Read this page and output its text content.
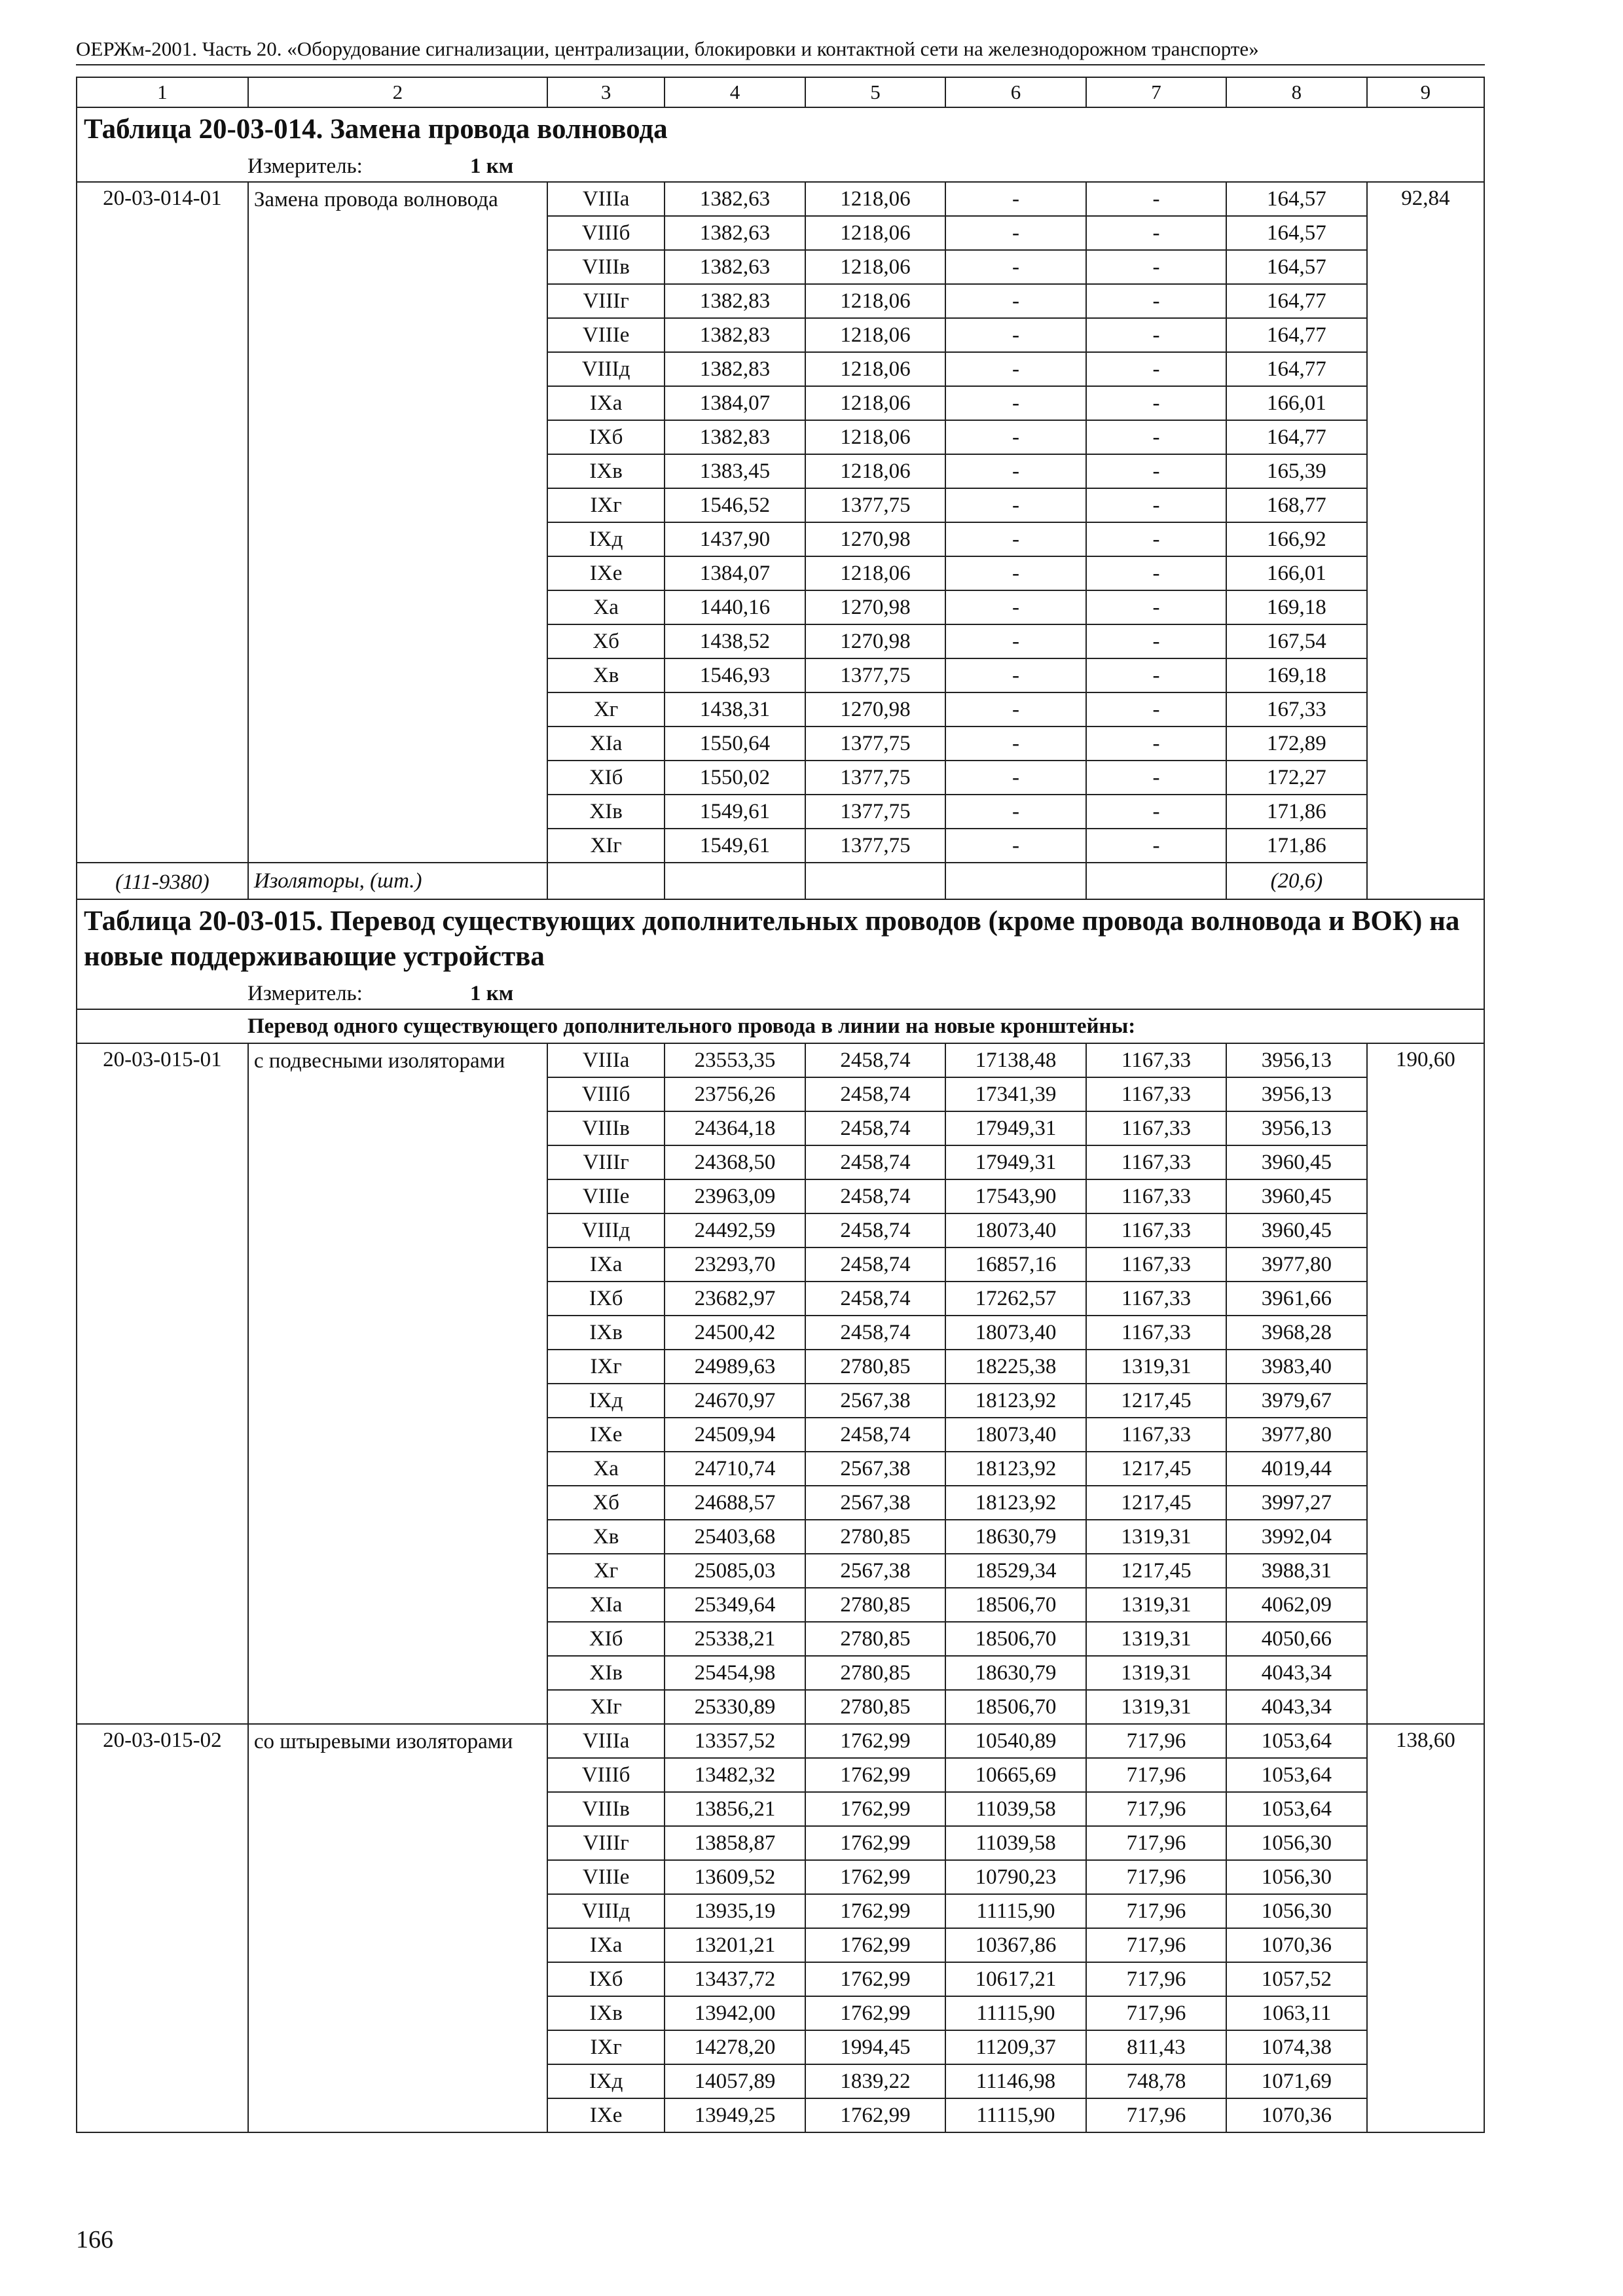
ОЕРЖм-2001. Часть 20. «Оборудование сигнализации, централизации, блокировки и контактной сети на железнодорожном транспорте»
1	2	3	4	5	6	7	8	9

Таблица 20-03-014. Замена провода волновода								

Измеритель: 1 км								
20-03-014-01	Замена провода волновода	VIIIа	1382,63	1218,06	-	-	164,57	92,84
		VIIIб	1382,63	1218,06	-	-	164,57	
		VIIIв	1382,63	1218,06	-	-	164,57	
		VIIIг	1382,83	1218,06	-	-	164,77	
		VIIIе	1382,83	1218,06	-	-	164,77	
		VIIIд	1382,83	1218,06	-	-	164,77	
		IXа	1384,07	1218,06	-	-	166,01	
		IXб	1382,83	1218,06	-	-	164,77	
		IXв	1383,45	1218,06	-	-	165,39	
		IXг	1546,52	1377,75	-	-	168,77	
		IXд	1437,90	1270,98	-	-	166,92	
		IXе	1384,07	1218,06	-	-	166,01	
		Xа	1440,16	1270,98	-	-	169,18	
		Xб	1438,52	1270,98	-	-	167,54	
		Xв	1546,93	1377,75	-	-	169,18	
		Xг	1438,31	1270,98	-	-	167,33	
		XIа	1550,64	1377,75	-	-	172,89	
		XIб	1550,02	1377,75	-	-	172,27	
		XIв	1549,61	1377,75	-	-	171,86	
		XIг	1549,61	1377,75	-	-	171,86	
(111-9380)	Изоляторы, (шт.)						(20,6)	

Таблица 20-03-015. Перевод существующих дополнительных проводов (кроме провода волновода и ВОК) на новые поддерживающие устройства								

Измеритель: 1 км								
Перевод одного существующего дополнительного провода в линии на новые кронштейны:								
20-03-015-01	с подвесными изоляторами	VIIIа	23553,35	2458,74	17138,48	1167,33	3956,13	190,60
		VIIIб	23756,26	2458,74	17341,39	1167,33	3956,13	
		VIIIв	24364,18	2458,74	17949,31	1167,33	3956,13	
		VIIIг	24368,50	2458,74	17949,31	1167,33	3960,45	
		VIIIе	23963,09	2458,74	17543,90	1167,33	3960,45	
		VIIIд	24492,59	2458,74	18073,40	1167,33	3960,45	
		IXа	23293,70	2458,74	16857,16	1167,33	3977,80	
		IXб	23682,97	2458,74	17262,57	1167,33	3961,66	
		IXв	24500,42	2458,74	18073,40	1167,33	3968,28	
		IXг	24989,63	2780,85	18225,38	1319,31	3983,40	
		IXд	24670,97	2567,38	18123,92	1217,45	3979,67	
		IXе	24509,94	2458,74	18073,40	1167,33	3977,80	
		Xа	24710,74	2567,38	18123,92	1217,45	4019,44	
		Xб	24688,57	2567,38	18123,92	1217,45	3997,27	
		Xв	25403,68	2780,85	18630,79	1319,31	3992,04	
		Xг	25085,03	2567,38	18529,34	1217,45	3988,31	
		XIа	25349,64	2780,85	18506,70	1319,31	4062,09	
		XIб	25338,21	2780,85	18506,70	1319,31	4050,66	
		XIв	25454,98	2780,85	18630,79	1319,31	4043,34	
		XIг	25330,89	2780,85	18506,70	1319,31	4043,34	
20-03-015-02	со штыревыми изоляторами	VIIIа	13357,52	1762,99	10540,89	717,96	1053,64	138,60
		VIIIб	13482,32	1762,99	10665,69	717,96	1053,64	
		VIIIв	13856,21	1762,99	11039,58	717,96	1053,64	
		VIIIг	13858,87	1762,99	11039,58	717,96	1056,30	
		VIIIе	13609,52	1762,99	10790,23	717,96	1056,30	
		VIIIд	13935,19	1762,99	11115,90	717,96	1056,30	
		IXа	13201,21	1762,99	10367,86	717,96	1070,36	
		IXб	13437,72	1762,99	10617,21	717,96	1057,52	
		IXв	13942,00	1762,99	11115,90	717,96	1063,11	
		IXг	14278,20	1994,45	11209,37	811,43	1074,38	
		IXд	14057,89	1839,22	11146,98	748,78	1071,69	
		IXе	13949,25	1762,99	11115,90	717,96	1070,36	
166
